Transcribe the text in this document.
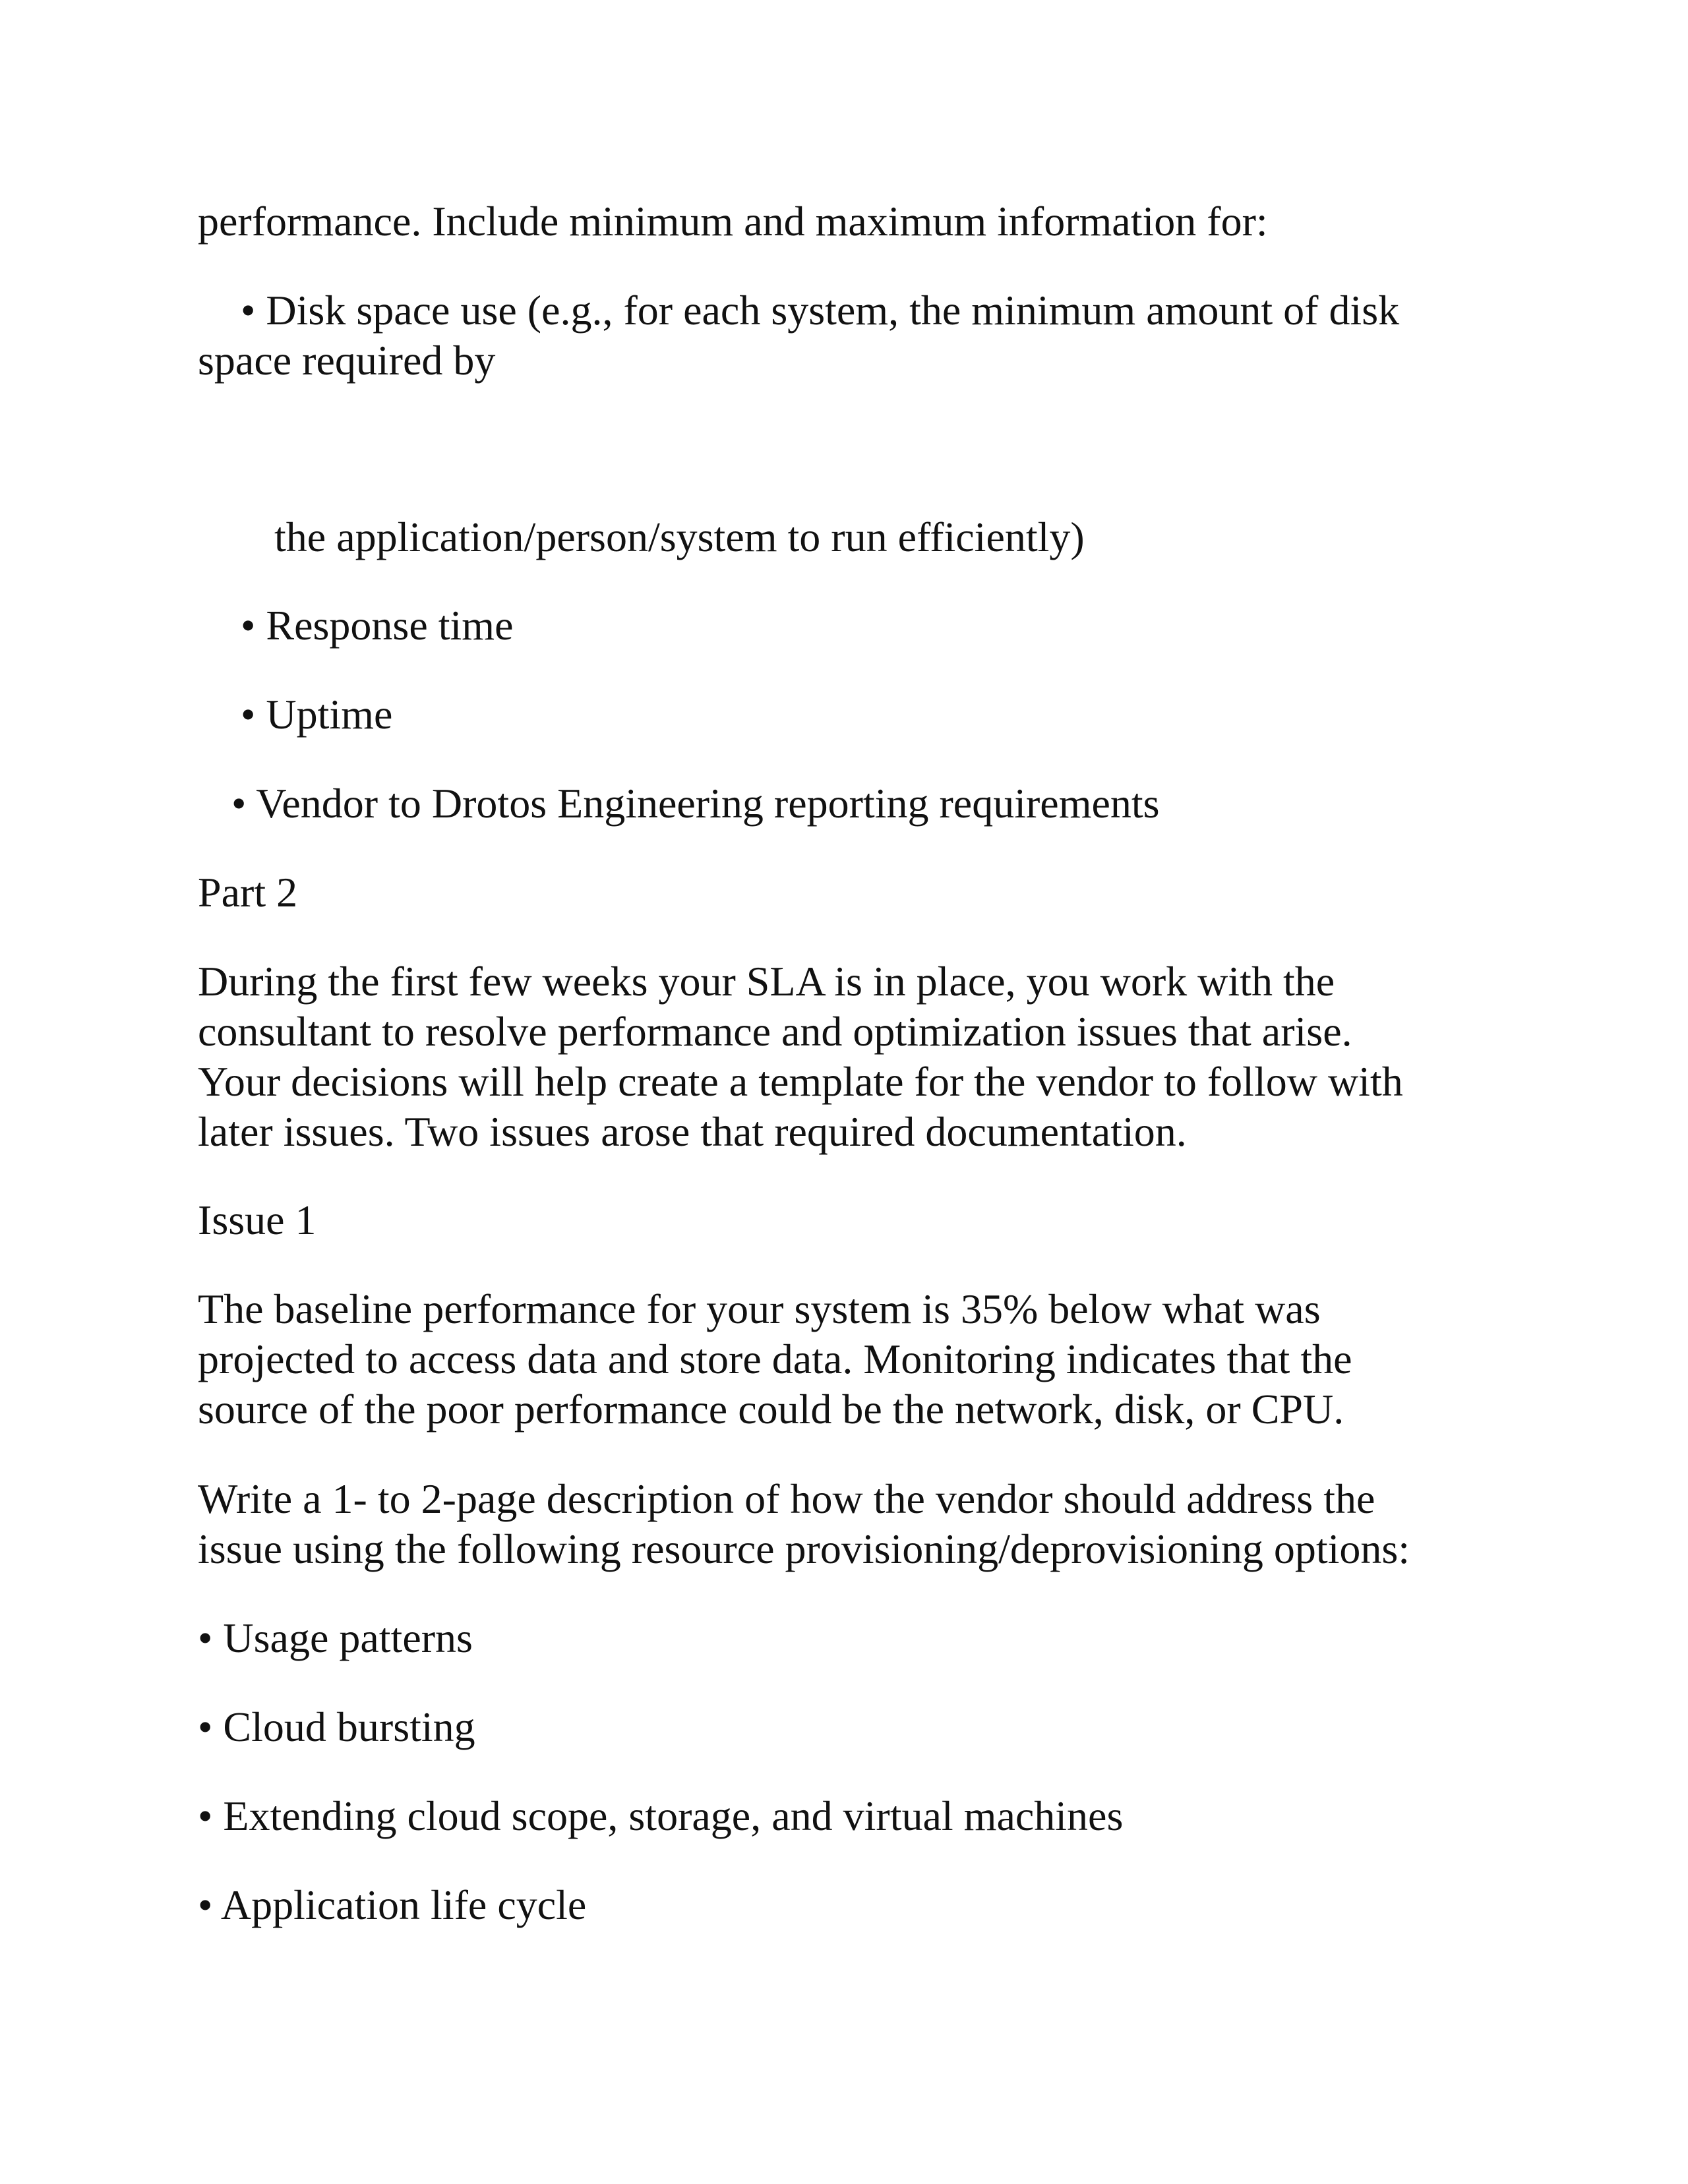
performance. Include minimum and maximum information for:

• Disk space use (e.g., for each system, the minimum amount of disk

space required by

the application/person/system to run efficiently)

• Response time

• Uptime

• Vendor to Drotos Engineering reporting requirements

Part 2

During the first few weeks your SLA is in place, you work with the
consultant to resolve performance and optimization issues that arise.
Your decisions will help create a template for the vendor to follow with
later issues. Two issues arose that required documentation.

Issue 1

The baseline performance for your system is 35% below what was
projected to access data and store data. Monitoring indicates that the
source of the poor performance could be the network, disk, or CPU.
Write a 1- to 2-page description of how the vendor should address the
issue using the following resource provisioning/deprovisioning options:

• Usage patterns

• Cloud bursting

• Extending cloud scope, storage, and virtual machines

• Application life cycle
